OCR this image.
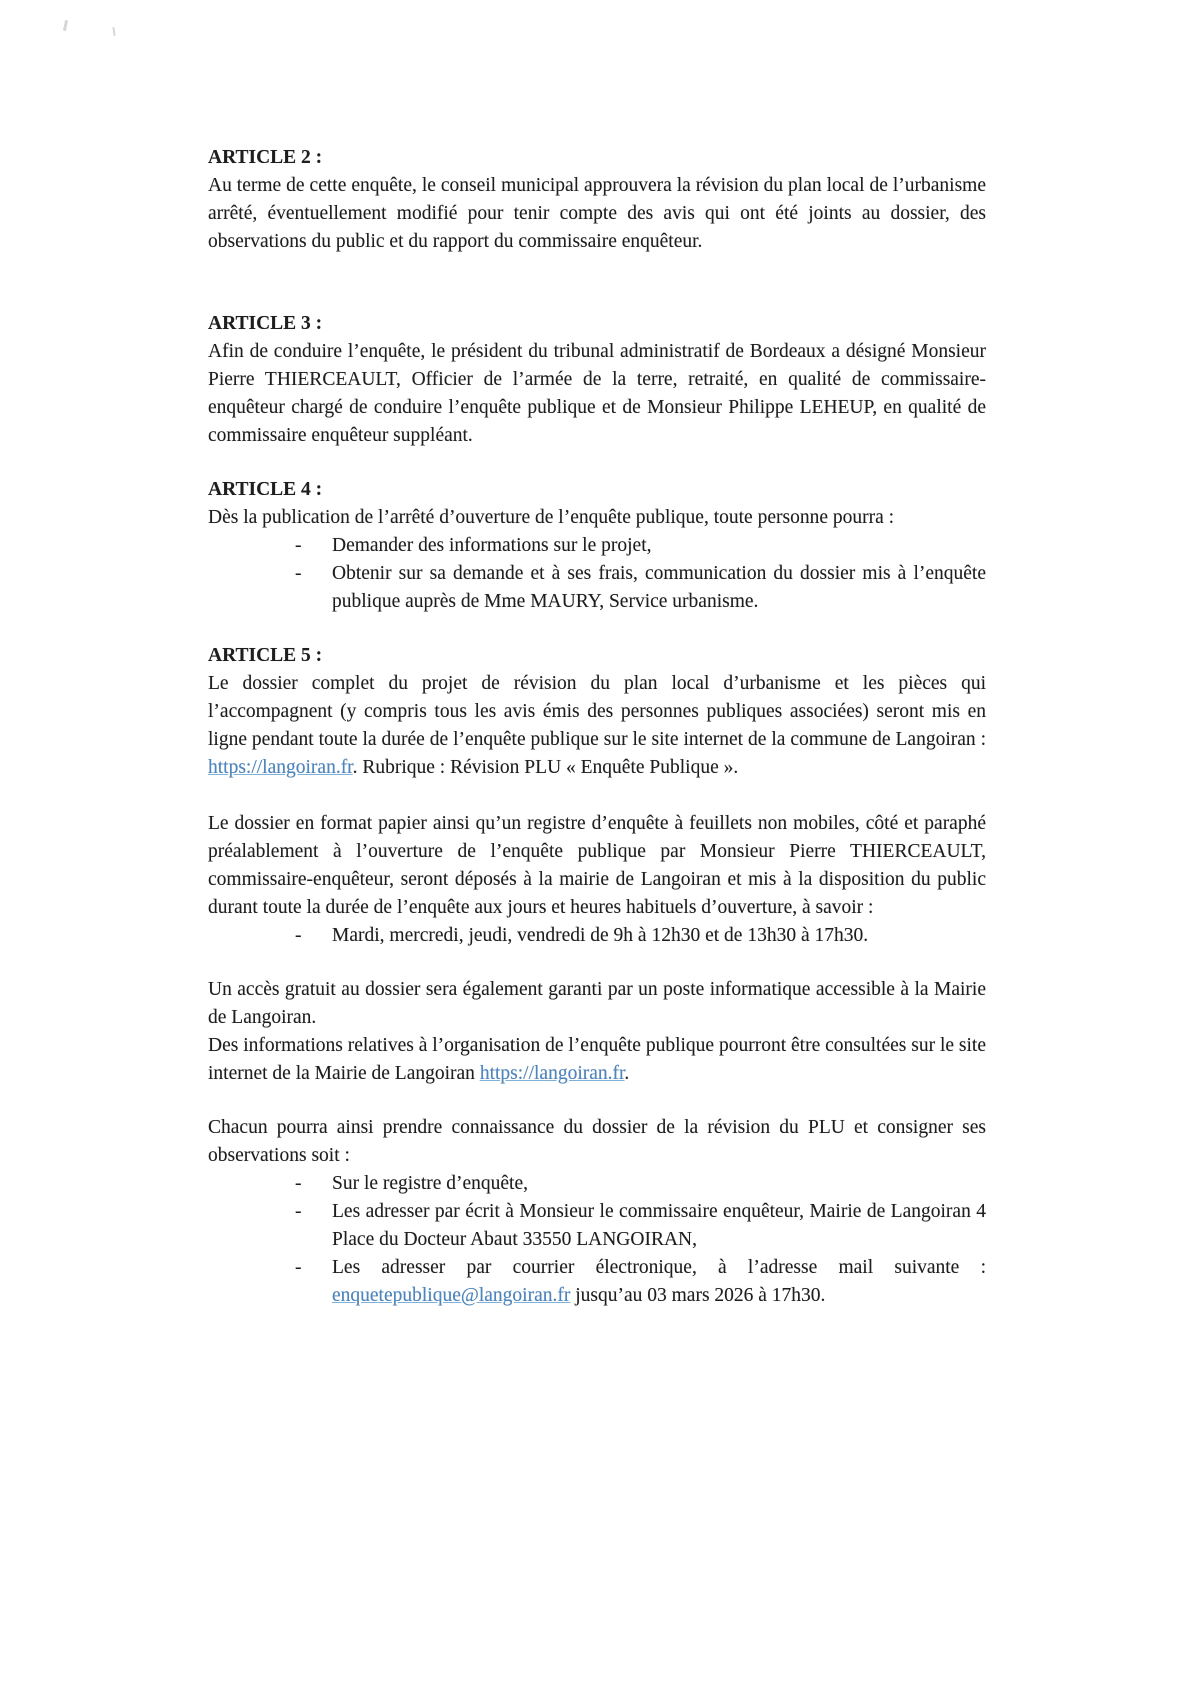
ARTICLE 2 :

Au terme de cette enquête, le conseil municipal approuvera la révision du plan local de l’urbanisme arrêté, éventuellement modifié pour tenir compte des avis qui ont été joints au dossier, des observations du public et du rapport du commissaire enquêteur.

ARTICLE 3 :

Afin de conduire l’enquête, le président du tribunal administratif de Bordeaux a désigné Monsieur Pierre THIERCEAULT, Officier de l’armée de la terre, retraité, en qualité de commissaire-enquêteur chargé de conduire l’enquête publique et de Monsieur Philippe LEHEUP, en qualité de commissaire enquêteur suppléant.

ARTICLE 4 :

Dès la publication de l’arrêté d’ouverture de l’enquête publique, toute personne pourra :

-	Demander des informations sur le projet,
-	Obtenir sur sa demande et à ses frais, communication du dossier mis à l’enquête publique auprès de Mme MAURY, Service urbanisme.
ARTICLE 5 :

Le dossier complet du projet de révision du plan local d’urbanisme et les pièces qui l’accompagnent (y compris tous les avis émis des personnes publiques associées) seront mis en ligne pendant toute la durée de l’enquête publique sur le site internet de la commune de Langoiran : https://langoiran.fr. Rubrique : Révision PLU « Enquête Publique ».

Le dossier en format papier ainsi qu’un registre d’enquête à feuillets non mobiles, côté et paraphé préalablement à l’ouverture de l’enquête publique par Monsieur Pierre THIERCEAULT, commissaire-enquêteur, seront déposés à la mairie de Langoiran et mis à la disposition du public durant toute la durée de l’enquête aux jours et heures habituels d’ouverture, à savoir :

-	Mardi, mercredi, jeudi, vendredi de 9h à 12h30 et de 13h30 à 17h30.

Un accès gratuit au dossier sera également garanti par un poste informatique accessible à la Mairie de Langoiran.

Des informations relatives à l’organisation de l’enquête publique pourront être consultées sur le site internet de la Mairie de Langoiran https://langoiran.fr.

Chacun pourra ainsi prendre connaissance du dossier de la révision du PLU et consigner ses observations soit :

-	Sur le registre d’enquête,
-	Les adresser par écrit à Monsieur le commissaire enquêteur, Mairie de Langoiran 4 Place du Docteur Abaut 33550 LANGOIRAN,
-	Les adresser par courrier électronique, à l’adresse mail suivante : enquetepublique@langoiran.fr jusqu’au 03 mars 2026 à 17h30.
